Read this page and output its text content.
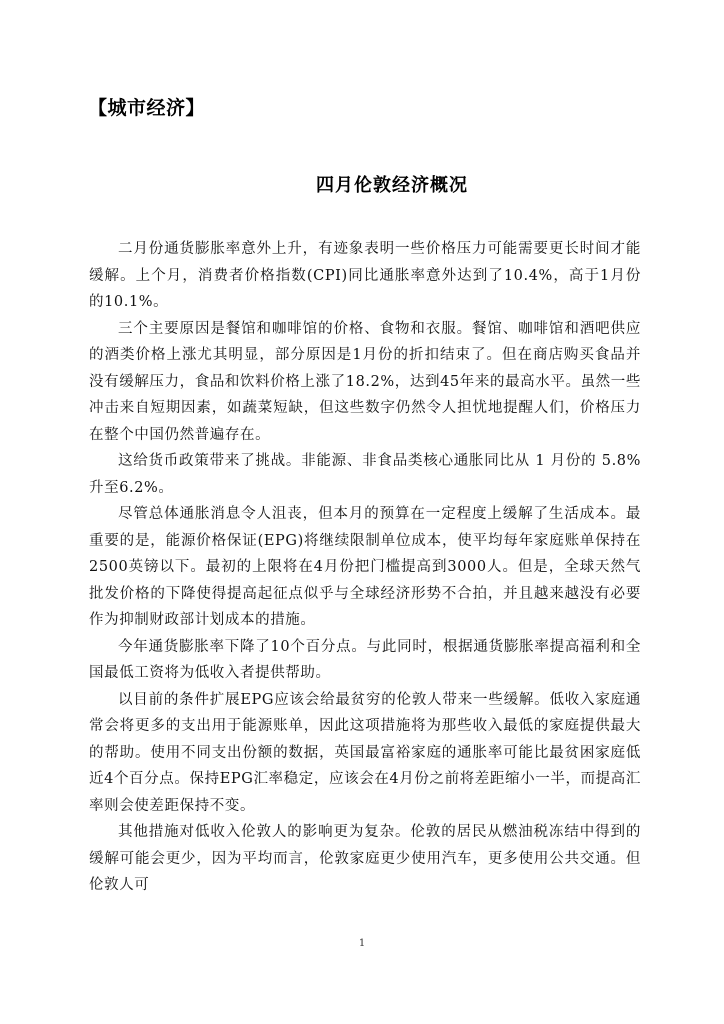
【城市经济】
四月伦敦经济概况

二月份通货膨胀率意外上升，有迹象表明一些价格压力可能需要更长时间才能缓解。上个月，消费者价格指数(CPI)同比通胀率意外达到了10.4%，高于1月份的10.1%。

三个主要原因是餐馆和咖啡馆的价格、食物和衣服。餐馆、咖啡馆和酒吧供应的酒类价格上涨尤其明显，部分原因是1月份的折扣结束了。但在商店购买食品并没有缓解压力，食品和饮料价格上涨了18.2%，达到45年来的最高水平。虽然一些冲击来自短期因素，如蔬菜短缺，但这些数字仍然令人担忧地提醒人们，价格压力在整个中国仍然普遍存在。

这给货币政策带来了挑战。非能源、非食品类核心通胀同比从 1 月份的 5.8%升至6.2%。

尽管总体通胀消息令人沮丧，但本月的预算在一定程度上缓解了生活成本。最重要的是，能源价格保证(EPG)将继续限制单位成本，使平均每年家庭账单保持在2500英镑以下。最初的上限将在4月份把门槛提高到3000人。但是，全球天然气批发价格的下降使得提高起征点似乎与全球经济形势不合拍，并且越来越没有必要作为抑制财政部计划成本的措施。

今年通货膨胀率下降了10个百分点。与此同时，根据通货膨胀率提高福利和全国最低工资将为低收入者提供帮助。

以目前的条件扩展EPG应该会给最贫穷的伦敦人带来一些缓解。低收入家庭通常会将更多的支出用于能源账单，因此这项措施将为那些收入最低的家庭提供最大的帮助。使用不同支出份额的数据，英国最富裕家庭的通胀率可能比最贫困家庭低近4个百分点。保持EPG汇率稳定，应该会在4月份之前将差距缩小一半，而提高汇率则会使差距保持不变。

其他措施对低收入伦敦人的影响更为复杂。伦敦的居民从燃油税冻结中得到的缓解可能会更少，因为平均而言，伦敦家庭更少使用汽车，更多使用公共交通。但伦敦人可

1
